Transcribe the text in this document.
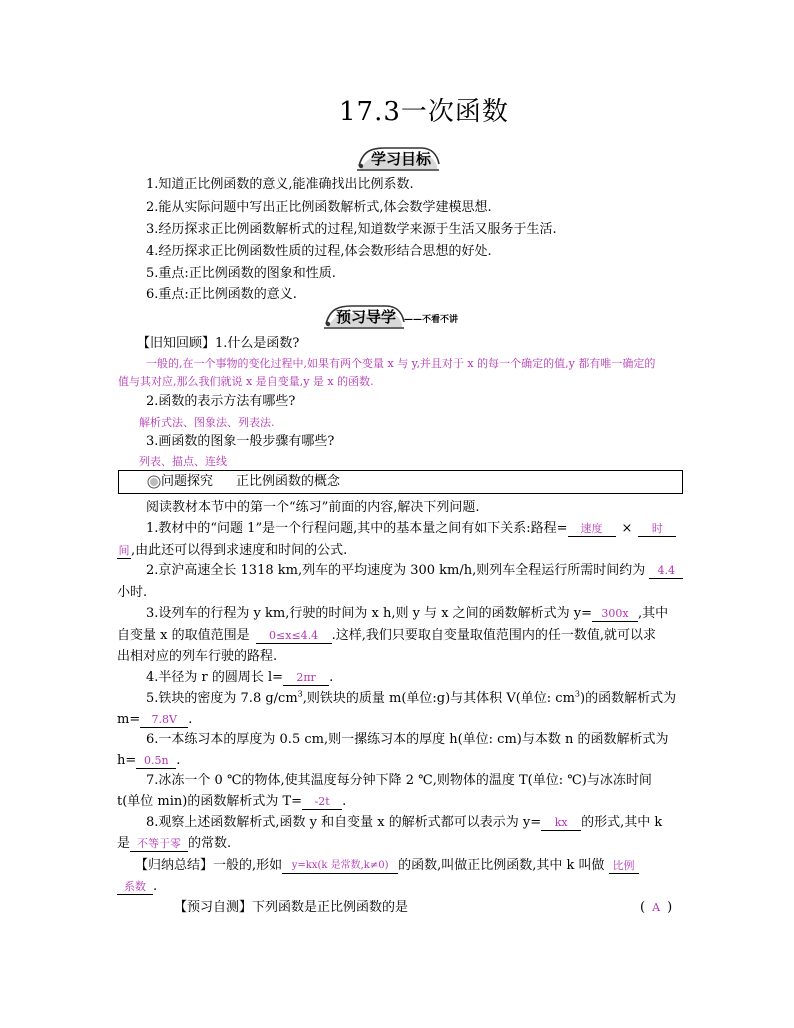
17.3一次函数
学习目标
1.知道正比例函数的意义,能准确找出比例系数.
2.能从实际问题中写出正比例函数解析式,体会数学建模思想.
3.经历探求正比例函数解析式的过程,知道数学来源于生活又服务于生活.
4.经历探求正比例函数性质的过程,体会数形结合思想的好处.
5.重点:正比例函数的图象和性质.
6.重点:正比例函数的意义.
预习导学 ——不看不讲
【旧知回顾】1.什么是函数?
一般的,在一个事物的变化过程中,如果有两个变量 x 与 y,并且对于 x 的每一个确定的值,y 都有唯一确定的
值与其对应,那么我们就说 x 是自变量,y 是 x 的函数.
2.函数的表示方法有哪些?
解析式法、图象法、列表法.
3.画函数的图象一般步骤有哪些?
列表、描点、连线
问题探究 正比例函数的概念
阅读教材本节中的第一个“练习”前面的内容,解决下列问题.
1.教材中的“问题 1”是一个行程问题,其中的基本量之间有如下关系:路程= 速度 × 时
间 ,由此还可以得到求速度和时间的公式.
2.京沪高速全长 1318 km,列车的平均速度为 300 km/h,则列车全程运行所需时间约为 4.4
小时.
3.设列车的行程为 y km,行驶的时间为 x h,则 y 与 x 之间的函数解析式为 y= 300x ,其中
自变量 x 的取值范围是 0≤x≤4.4 .这样,我们只要取自变量取值范围内的任一数值,就可以求
出相对应的列车行驶的路程.
4.半径为 r 的圆周长 l= 2πr .
5.铁块的密度为 7.8 $g/cm^3$,则铁块的质量 m(单位:g)与其体积 V(单位: $cm^3$)的函数解析式为
m= 7.8V .
6.一本练习本的厚度为 0.5 cm,则一摞练习本的厚度 h(单位: cm)与本数 n 的函数解析式为
h= 0.5n .
7.冰冻一个 0 ℃的物体,使其温度每分钟下降 2 ℃,则物体的温度 T(单位: ℃)与冰冻时间
t(单位 min)的函数解析式为 T= -2t .
8.观察上述函数解析式,函数 y 和自变量 x 的解析式都可以表示为 y= kx 的形式,其中 k
是 不等于零 的常数.
【归纳总结】一般的,形如 y=kx(k 是常数,k≠0) 的函数,叫做正比例函数,其中 k 叫做 比例
系数 .
【预习自测】下列函数是正比例函数的是	( A )
